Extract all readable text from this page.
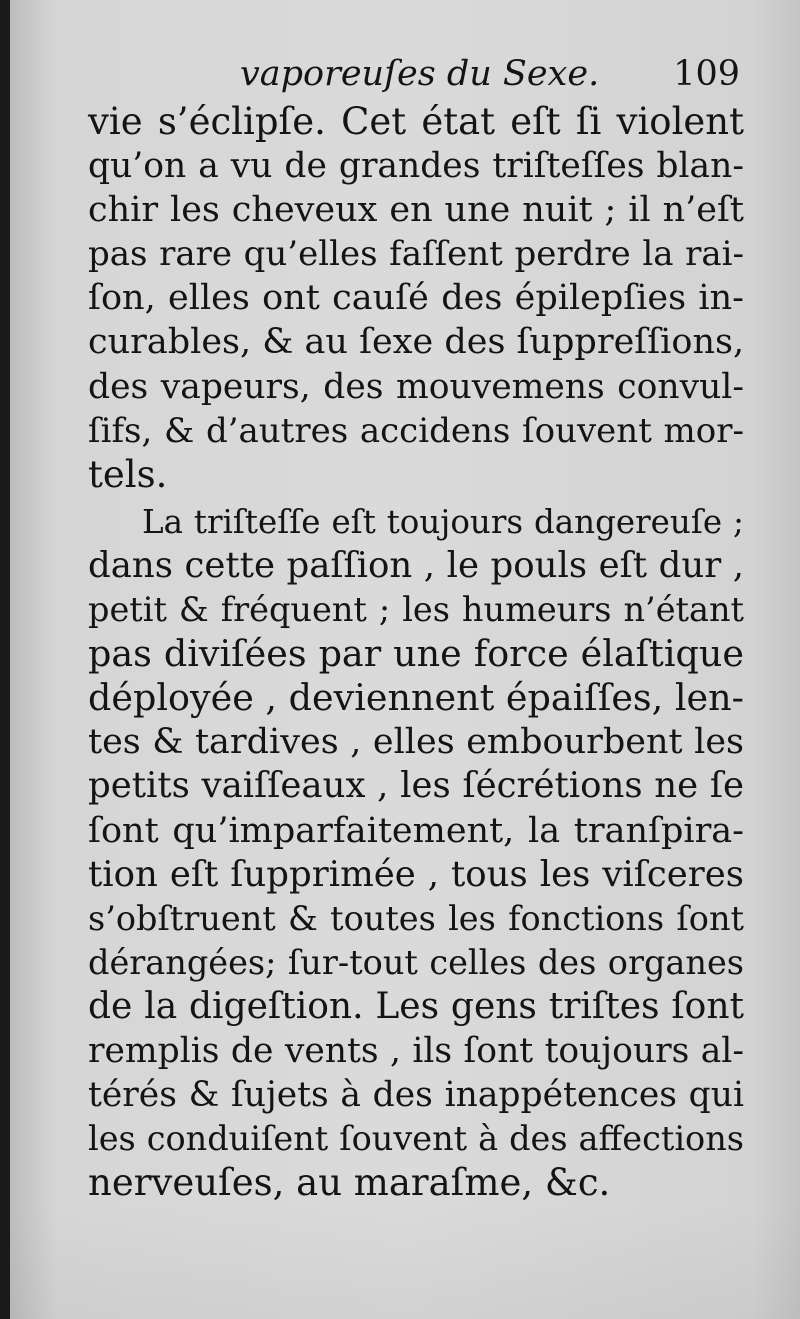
vaporeuſes du Sexe. 109
vie s’éclipſe. Cet état eſt ſi violent
qu’on a vu de grandes triſteſſes blan-
chir les cheveux en une nuit ; il n’eſt
pas rare qu’elles faſſent perdre la rai-
ſon, elles ont cauſé des épilepſies in-
curables, & au ſexe des ſuppreſſions,
des vapeurs, des mouvemens convul-
ſifs, & d’autres accidens ſouvent mor-
tels.
La triſteſſe eſt toujours dangereuſe ;
dans cette paſſion , le pouls eſt dur ,
petit & fréquent ; les humeurs n’étant
pas diviſées par une force élaſtique
déployée , deviennent épaiſſes, len-
tes & tardives , elles embourbent les
petits vaiſſeaux , les ſécrétions ne ſe
ſont qu’imparfaitement, la tranſpira-
tion eſt ſupprimée , tous les viſceres
s’obſtruent & toutes les fonctions ſont
dérangées; ſur-tout celles des organes
de la digeſtion. Les gens triſtes ſont
remplis de vents , ils ſont toujours al-
térés & ſujets à des inappétences qui
les conduiſent ſouvent à des affections
nerveuſes, au maraſme, &c.
